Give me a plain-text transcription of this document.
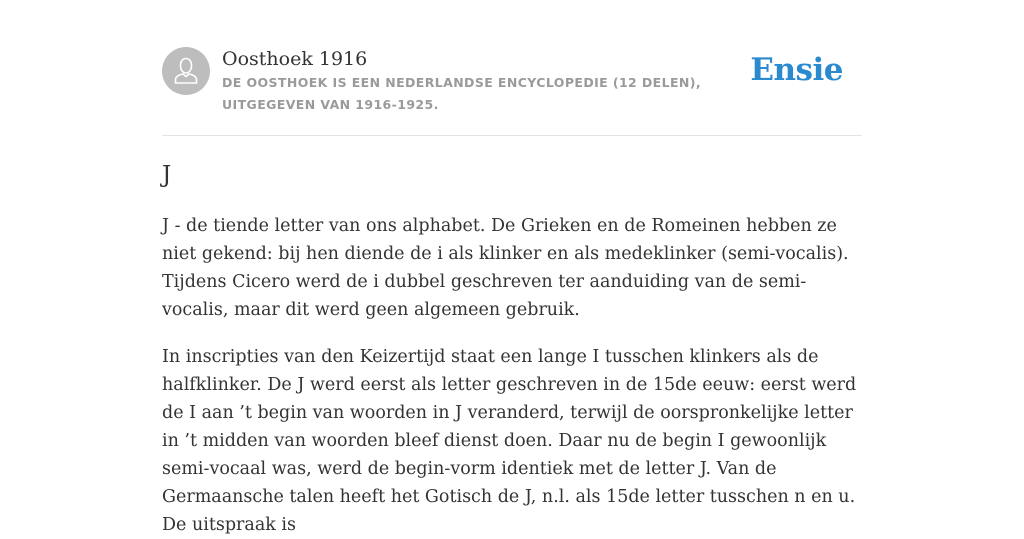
Oosthoek 1916
DE OOSTHOEK IS EEN NEDERLANDSE ENCYCLOPEDIE (12 DELEN), UITGEGEVEN VAN 1916-1925.
Ensie
J

J - de tiende letter van ons alphabet. De Grieken en de Romeinen hebben ze niet gekend: bij hen diende de i als klinker en als medeklinker (semi-vocalis). Tijdens Cicero werd de i dubbel geschreven ter aanduiding van de semi-vocalis, maar dit werd geen algemeen gebruik.

In inscripties van den Keizertijd staat een lange I tusschen klinkers als de halfklinker. De J werd eerst als letter geschreven in de 15de eeuw: eerst werd de I aan ’t begin van woorden in J veranderd, terwijl de oorspronkelijke letter in ’t midden van woorden bleef dienst doen. Daar nu de begin I gewoonlijk semi-vocaal was, werd de begin-vorm identiek met de letter J. Van de Germaansche talen heeft het Gotisch de J, n.l. als 15de letter tusschen n en u. De uitspraak is
